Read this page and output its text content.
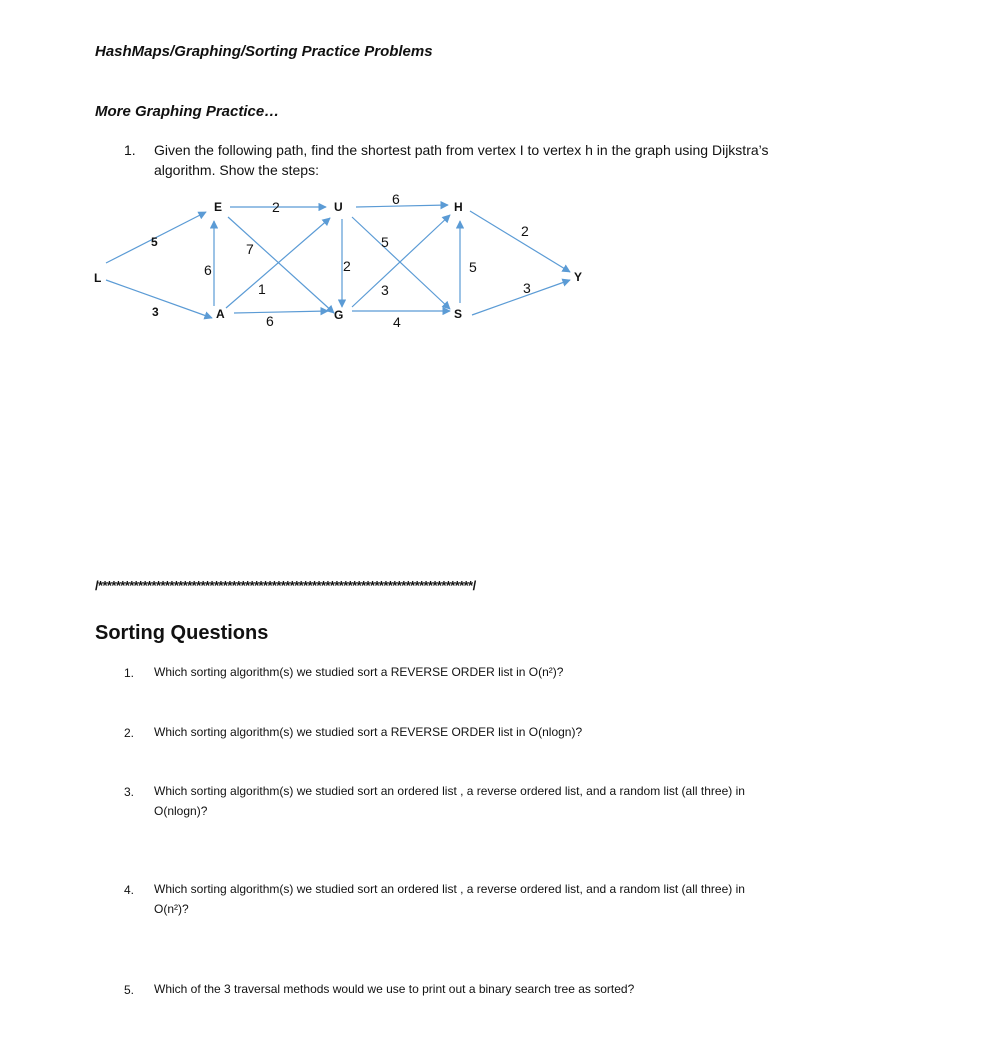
HashMaps/Graphing/Sorting Practice Problems
More Graphing Practice…
1. Given the following path, find the shortest path from vertex I to vertex h in the graph using Dijkstra’s
algorithm. Show the steps:
L
E
A
U
G
H
S
Y
5
3
6
2
7
1
6
2
6
5
3
4
5
2
3
/************************************************************************************/
Sorting Questions
1. Which sorting algorithm(s) we studied sort a REVERSE ORDER list in O(n²)?
2. Which sorting algorithm(s) we studied sort a REVERSE ORDER list in O(nlogn)?
3. Which sorting algorithm(s) we studied sort an ordered list , a reverse ordered list, and a random list (all three) in
O(nlogn)?
4. Which sorting algorithm(s) we studied sort an ordered list , a reverse ordered list, and a random list (all three) in
O(n²)?
5. Which of the 3 traversal methods would we use to print out a binary search tree as sorted?
